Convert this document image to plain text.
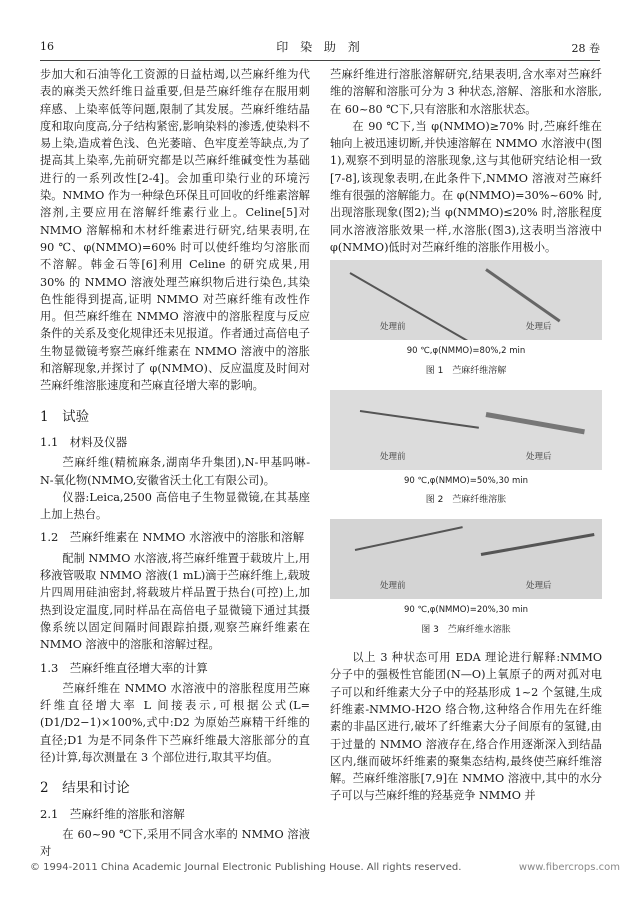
16	印 染 助 剂	28 卷

步加大和石油等化工资源的日益枯竭,以苎麻纤维为代表的麻类天然纤维日益重要,但是苎麻纤维存在服用刺痒感、上染率低等问题,限制了其发展。苎麻纤维结晶度和取向度高,分子结构紧密,影响染料的渗透,使染料不易上染,造成着色浅、色光萎暗、色牢度差等缺点,为了提高其上染率,先前研究都是以苎麻纤维碱变性为基础进行的一系列改性[2-4]。会加重印染行业的环境污染。NMMO 作为一种绿色环保且可回收的纤维素溶解溶剂,主要应用在溶解纤维素行业上。Celine[5]对 NMMO 溶解棉和木材纤维素进行研究,结果表明,在 90 ℃、φ(NMMO)=60% 时可以使纤维均匀溶胀而不溶解。韩金石等[6]利用 Celine 的研究成果,用 30% 的 NMMO 溶液处理苎麻织物后进行染色,其染色性能得到提高,证明 NMMO 对苎麻纤维有改性作用。但苎麻纤维在 NMMO 溶液中的溶胀程度与反应条件的关系及变化规律还未见报道。作者通过高倍电子生物显微镜考察苎麻纤维素在 NMMO 溶液中的溶胀和溶解现象,并探讨了 φ(NMMO)、反应温度及时间对苎麻纤维溶胀速度和苎麻直径增大率的影响。

1　试验
1.1　材料及仪器

苎麻纤维(精梳麻条,湖南华升集团),N-甲基吗啉-N-氧化物(NMMO,安徽省沃土化工有限公司)。

仪器:Leica,2500 高倍电子生物显微镜,在其基座上加上热台。

1.2　苎麻纤维素在 NMMO 水溶液中的溶胀和溶解

配制 NMMO 水溶液,将苎麻纤维置于载玻片上,用移液管吸取 NMMO 溶液(1 mL)滴于苎麻纤维上,载玻片四周用硅油密封,将载玻片样品置于热台(可控)上,加热到设定温度,同时样品在高倍电子显微镜下通过其摄像系统以固定间隔时间跟踪拍摄,观察苎麻纤维素在 NMMO 溶液中的溶胀和溶解过程。

1.3　苎麻纤维直径增大率的计算

苎麻纤维在 NMMO 水溶液中的溶胀程度用苎麻纤维直径增大率 L 间接表示,可根据公式(L=(D1/D2−1)×100%,式中:D2 为原始苎麻精干纤维的直径;D1 为是不同条件下苎麻纤维最大溶胀部分的直径)计算,每次测量在 3 个部位进行,取其平均值。

2　结果和讨论
2.1　苎麻纤维的溶胀和溶解

在 60~90 ℃下,采用不同含水率的 NMMO 溶液对

苎麻纤维进行溶胀溶解研究,结果表明,含水率对苎麻纤维的溶解和溶胀可分为 3 种状态,溶解、溶胀和水溶胀,在 60~80 ℃下,只有溶胀和水溶胀状态。

在 90 ℃下,当 φ(NMMO)≥70% 时,苎麻纤维在轴向上被迅速切断,并快速溶解在 NMMO 水溶液中(图1),观察不到明显的溶胀现象,这与其他研究结论相一致[7-8],该现象表明,在此条件下,NMMO 溶液对苎麻纤维有很强的溶解能力。在 φ(NMMO)=30%~60% 时,出现溶胀现象(图2);当 φ(NMMO)≤20% 时,溶胀程度同水溶液溶胀效果一样,水溶胀(图3),这表明当溶液中 φ(NMMO)低时对苎麻纤维的溶胀作用极小。

处理前	处理后
90 ℃,φ(NMMO)=80%,2 min
图 1　苎麻纤维溶解
处理前	处理后
90 ℃,φ(NMMO)=50%,30 min
图 2　苎麻纤维溶胀
处理前	处理后
90 ℃,φ(NMMO)=20%,30 min
图 3　苎麻纤维水溶胀

以上 3 种状态可用 EDA 理论进行解释:NMMO 分子中的强极性官能团(N—O)上氧原子的两对孤对电子可以和纤维素大分子中的羟基形成 1~2 个氢键,生成纤维素-NMMO-H2O 络合物,这种络合作用先在纤维素的非晶区进行,破坏了纤维素大分子间原有的氢键,由于过量的 NMMO 溶液存在,络合作用逐渐深入到结晶区内,继而破坏纤维素的聚集态结构,最终使苎麻纤维溶解。苎麻纤维溶胀[7,9]在 NMMO 溶液中,其中的水分子可以与苎麻纤维的羟基竞争 NMMO 并

© 1994-2011 China Academic Journal Electronic Publishing House. All rights reserved.	www.fibercrops.com
